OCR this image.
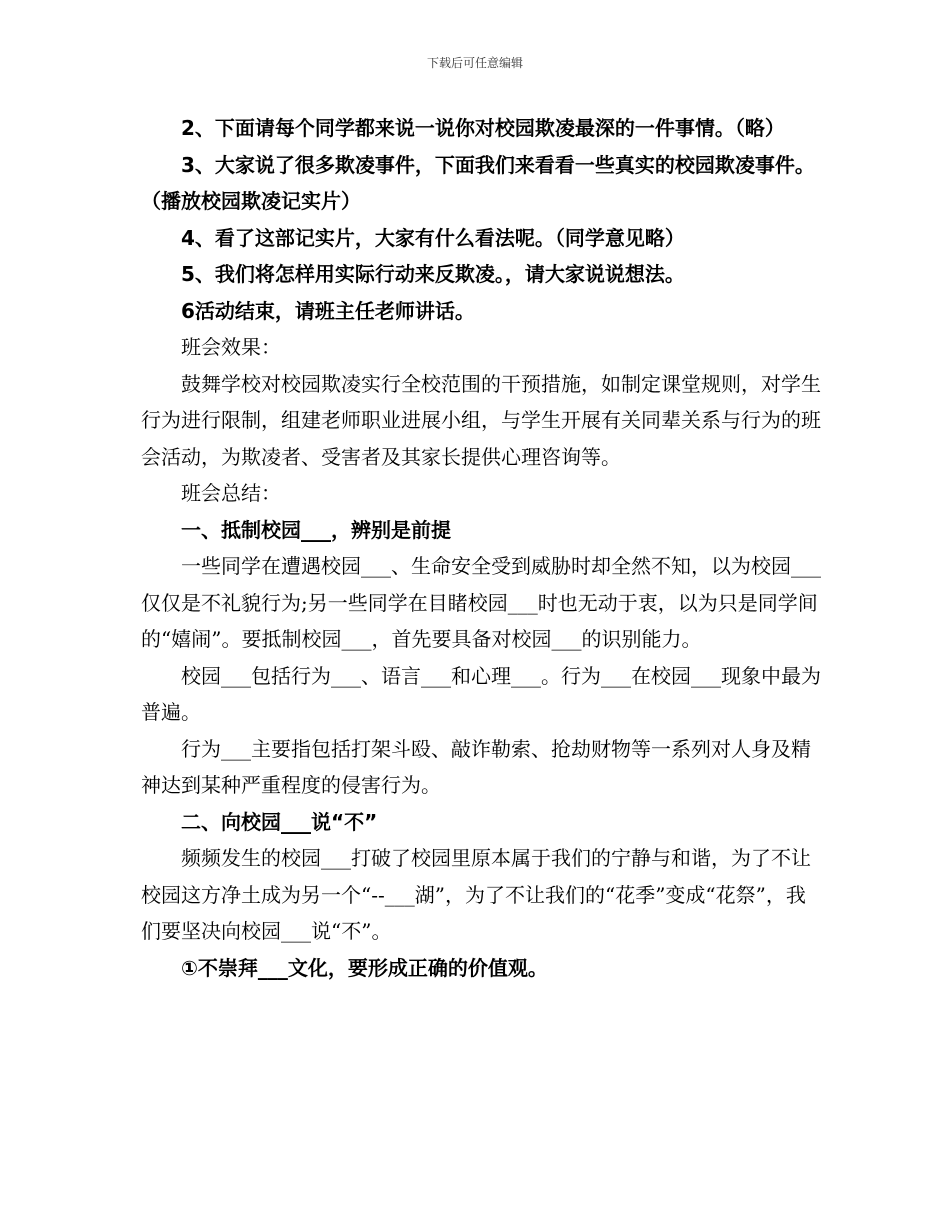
下载后可任意编辑

2、下面请每个同学都来说一说你对校园欺凌最深的一件事情。（略）

3、大家说了很多欺凌事件，下面我们来看看一些真实的校园欺凌事件。（播放校园欺凌记实片）

4、看了这部记实片，大家有什么看法呢。（同学意见略）

5、我们将怎样用实际行动来反欺凌。，请大家说说想法。

6活动结束，请班主任老师讲话。

班会效果：

鼓舞学校对校园欺凌实行全校范围的干预措施，如制定课堂规则，对学生行为进行限制，组建老师职业进展小组，与学生开展有关同辈关系与行为的班会活动，为欺凌者、受害者及其家长提供心理咨询等。

班会总结：

一、抵制校园___，辨别是前提

一些同学在遭遇校园___、生命安全受到威胁时却全然不知，以为校园___仅仅是不礼貌行为;另一些同学在目睹校园___时也无动于衷，以为只是同学间的“嬉闹”。要抵制校园___，首先要具备对校园___的识别能力。

校园___包括行为___、语言___和心理___。行为___在校园___现象中最为普遍。

行为___主要指包括打架斗殴、敲诈勒索、抢劫财物等一系列对人身及精神达到某种严重程度的侵害行为。

二、向校园___说“不”

频频发生的校园___打破了校园里原本属于我们的宁静与和谐，为了不让校园这方净土成为另一个“--___湖”，为了不让我们的“花季”变成“花祭”，我们要坚决向校园___说“不”。

①不崇拜___文化，要形成正确的价值观。
